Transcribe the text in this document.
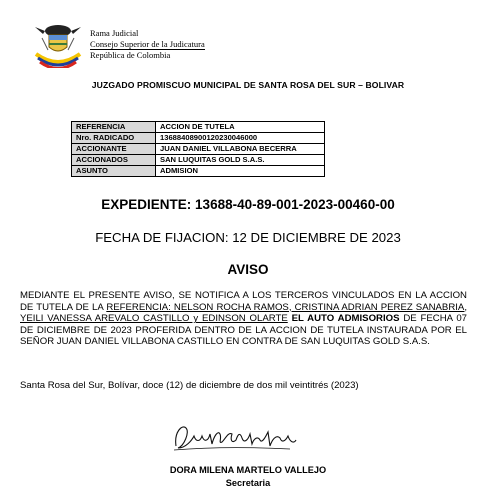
Rama Judicial
Consejo Superior de la Judicatura
República de Colombia
JUZGADO PROMISCUO MUNICIPAL DE SANTA ROSA DEL SUR – BOLIVAR
REFERENCIA	ACCION DE TUTELA
Nro. RADICADO	13688408900120230046000
ACCIONANTE	JUAN DANIEL VILLABONA BECERRA
ACCIONADOS	SAN LUQUITAS GOLD S.A.S.
ASUNTO	ADMISION
EXPEDIENTE: 13688-40-89-001-2023-00460-00
FECHA DE FIJACION: 12 DE DICIEMBRE DE 2023
AVISO
MEDIANTE EL PRESENTE AVISO, SE NOTIFICA A LOS TERCEROS VINCULADOS EN LA ACCION DE TUTELA DE LA REFERENCIA: NELSON ROCHA RAMOS, CRISTINA ADRIAN PEREZ SANABRIA, YEILI VANESSA AREVALO CASTILLO y EDINSON OLARTE EL AUTO ADMISORIOS DE FECHA 07 DE DICIEMBRE DE 2023 PROFERIDA DENTRO DE LA ACCION DE TUTELA INSTAURADA POR EL SEÑOR JUAN DANIEL VILLABONA CASTILLO EN CONTRA DE SAN LUQUITAS GOLD S.A.S.
Santa Rosa del Sur, Bolívar, doce (12) de diciembre de dos mil veintitrés (2023)
DORA MILENA MARTELO VALLEJO
Secretaria
